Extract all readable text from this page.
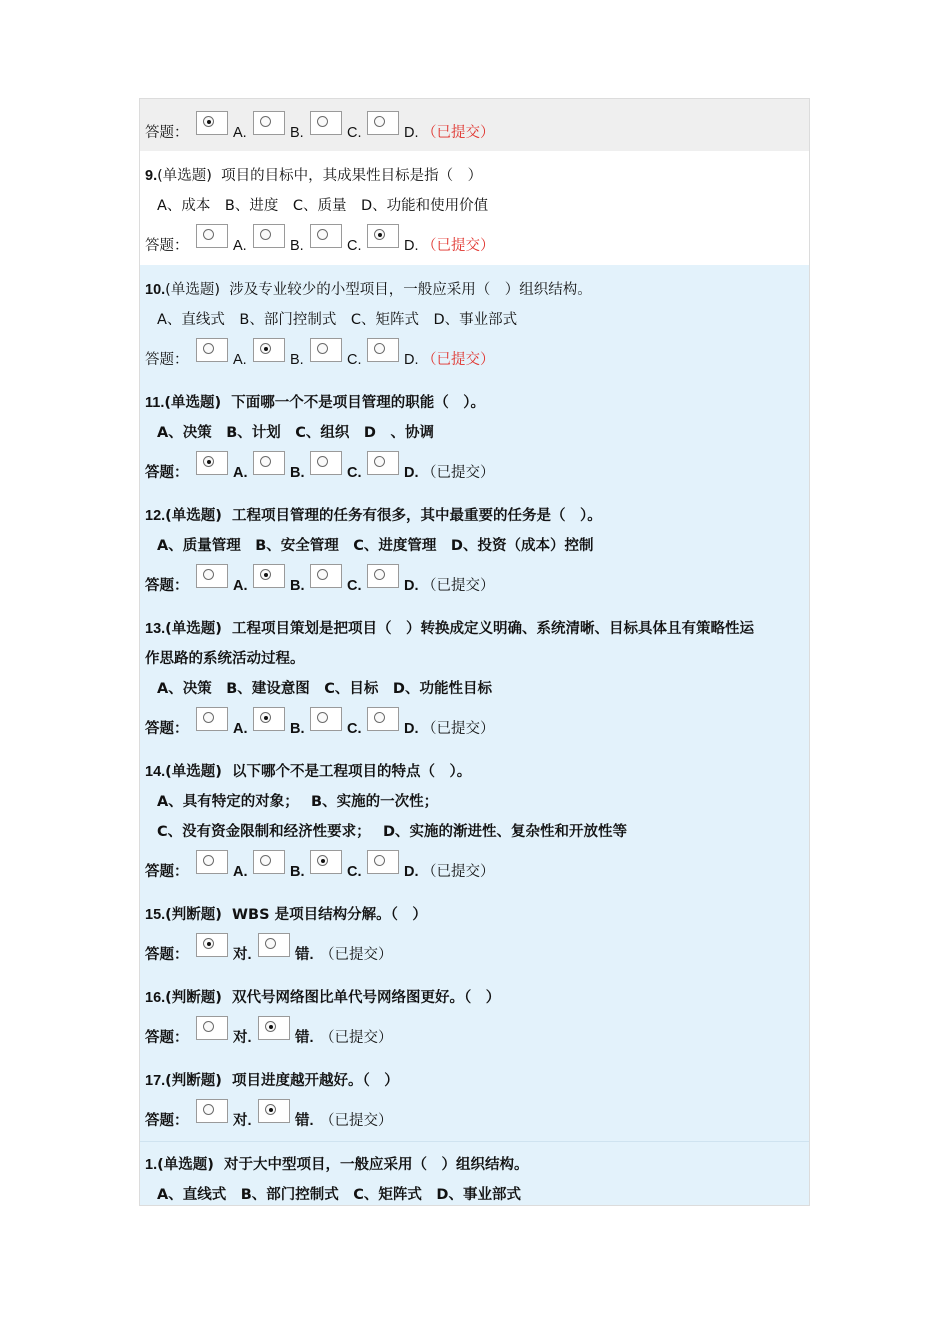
答题：	A.	B.	C.	D. （已提交）
9.(单选题) 项目的目标中，其成果性目标是指（　）
A、成本　B、进度　C、质量　D、功能和使用价值
答题：	A.	B.	C.	D. （已提交）
10.(单选题) 涉及专业较少的小型项目，一般应采用（　）组织结构。
A、直线式　B、部门控制式　C、矩阵式　D、事业部式
答题：	A.	B.	C.	D. （已提交）
11.(单选题) 下面哪一个不是项目管理的职能（　）。
A、决策　B、计划　C、组织　D　、协调
答题：	A.	B.	C.	D. （已提交）
12.(单选题) 工程项目管理的任务有很多，其中最重要的任务是（　）。
A、质量管理　B、安全管理　C、进度管理　D、投资（成本）控制
答题：	A.	B.	C.	D. （已提交）
13.(单选题) 工程项目策划是把项目（　）转换成定义明确、系统清晰、目标具体且有策略性运
作思路的系统活动过程。
A、决策　B、建设意图　C、目标　D、功能性目标
答题：	A.	B.	C.	D. （已提交）
14.(单选题) 以下哪个不是工程项目的特点（　）。
A、具有特定的对象；　 B、实施的一次性；
C、没有资金限制和经济性要求；　 D、实施的渐进性、复杂性和开放性等
答题：	A.	B.	C.	D. （已提交）
15.(判断题) WBS 是项目结构分解。（　）
答题：	对.	错. （已提交）
16.(判断题) 双代号网络图比单代号网络图更好。（　）
答题：	对.	错. （已提交）
17.(判断题) 项目进度越开越好。（　）
答题：	对.	错. （已提交）
1.(单选题) 对于大中型项目，一般应采用（　）组织结构。
A、直线式　B、部门控制式　C、矩阵式　D、事业部式
